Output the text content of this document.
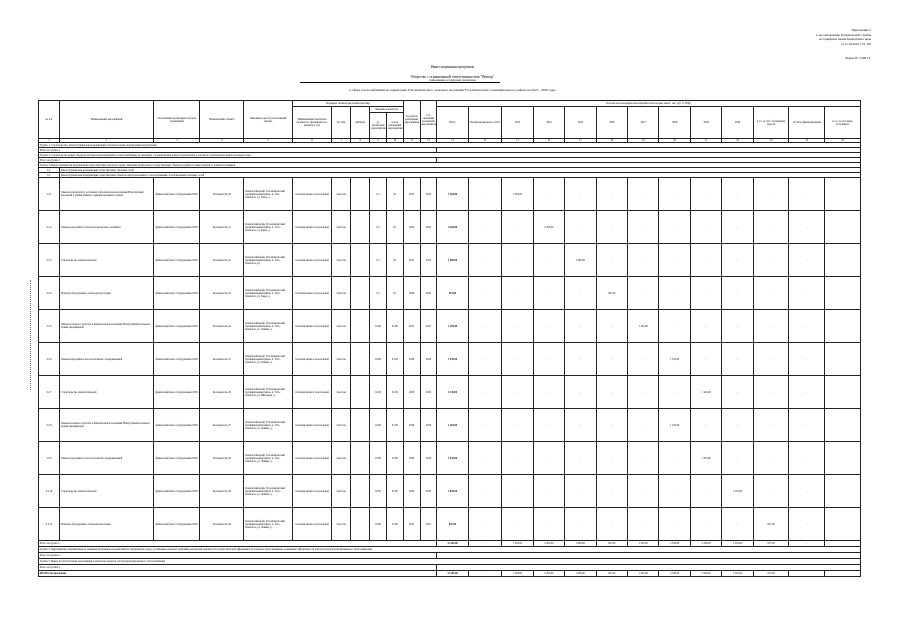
Приложение 2
к постановлению Региональной службы
по тарифам и ценам Камчатского края
от 21.10.2022 г. № 102
Форма № 3 ИП ТС
Инвестиционная программа
Общество с ограниченной ответственностью "Вектор"
наименование регулируемой организации
в сфере теплоснабжения на территории Усть-Камчатского сельского поселения Усть-Камчатского муниципального района на 2023 - 2030 годы
№ п/п	Наименование мероприятий	Обоснование необходимости (цель реализации)	Наименование объекта	Описание и место расположения объекта	Основные технические характеристики					Год начала реализации мероприятия	Год окончания реализации мероприятия	Расходы на реализацию мероприятий в прогнозных ценах, тыс. руб. (с НДС)												
					Наименование показателя (мощность, протяженность, диаметр и т.п.)	Ед. изм.	Диаметр	Значение показателя				Всего	Профинансировано к 2023	2023	2024	2025	2026	2027	2028	2029	2030	в т.ч. за счет собственных средств	Остаток финансирования	в т.ч. за счет иных источников
								до реализации мероприятия	после реализации мероприятия															
1	2	3	4	5	6	7	8	9	10	11	12	13	14	15	16	17	18	19	20	21	22	23	24	25
Группа 1. Строительство, реконструкция или модернизация объектов в целях подключения потребителей																								
Всего по группе 1																								
Группа 2. Строительство новых объектов системы централизованного теплоснабжения, не связанных с подключением новых потребителей, в том числе строительство новых тепловых сетей																								
Всего по группе 2																								
Группа 3. Реконструкция или модернизация существующих объектов в целях снижения уровня износа существующих объектов и (или) поставки энергии от разных источников																								
3.1.	Реконструкция или модернизация существующих тепловых сетей																							
3.2.	Реконструкция или модернизация существующих объектов централизованного теплоснабжения, за исключением тепловых сетей																							
3.2.1	Замена котлоагрегата, установка в фактическом исполнении Новотрубный котельной в здании главного административного пункта	физический износ оборудования 100%	Котельная № 20	Камчатский край, Усть-Камчатский муниципальный район, п. Усть-Камчатск, ул. Завод, д.	тепловая мощность котельной	Гкал/час		0,1	0,1	2023	2023	1 365,00	-	1 365,00	-	-	-	-	-	-	-	-	-	
3.2.2	Замена водогрейного котла котельной типа топливная	физический износ оборудования 100%	Котельная № 21	Камчатский край, Усть-Камчатский муниципальный район, п. Усть-Камчатск, ул. Завод, д.	тепловая мощность котельной	Гкал/час		0,1	0,1	2024	2024	2 205,00	-	-	2 205,00	-	-	-	-	-	-	-	-	
3.2.3	Строительство новой котельной	физический износ оборудования 100%	Котельная № 22	Камчатский край, Усть-Камчатский муниципальный район, п. Усть-Камчатск, ул.	тепловая мощность котельной	Гкал/час		0,1	0,1	2025	2025	1 985,00	-	-	-	1 985,00	-	-	-	-	-	-	-	
3.2.4	Монтаж оборудования сетей водоподготовки	физический износ оборудования 100%	Котельная № 23	Камчатский край, Усть-Камчатский муниципальный район, п. Усть-Камчатск, ул. Завод, д.	тепловая мощность котельной	Гкал/час		0,1	0,1	2026	2026	851,00	-	-	-	-	851,00	-	-	-	-	-	-	
3.2.5	Замена котельного агрегата в фактическом исполнении Новотрубный котельной здания передвижной	физический износ оборудования 100%	Котельная № 24	Камчатский край, Усть-Камчатский муниципальный район, п. Усть-Камчатск, ул. Ленина, д.	тепловая мощность котельной	Гкал/час		0,100	0,100	2027	2027	1 205,00	-	-	-	-	-	1 205,00	-	-	-	-	-	
3.2.6	Замена водогрейного котла котельной с модернизацией	физический износ оборудования 100%	Котельная № 25	Камчатский край, Усть-Камчатский муниципальный район, п. Усть-Камчатск, ул. Ленина, д.	тепловая мощность котельной	Гкал/час		0,100	0,100	2028	2028	1 355,00	-	-	-	-	-	-	1 355,00	-	-	-	-	
3.2.7	Строительство новой котельной	физический износ оборудования 100%	Котельная № 26	Камчатский край, Усть-Камчатский муниципальный район, п. Усть-Камчатск, ул. Школьная, д.	тепловая мощность котельной	Гкал/час		0,100	0,100	2029	2029	1 145,00	-	-	-	-	-	-	-	1 145,00	-	-	-	
3.2.8	Замена котельного агрегата в фактическом исполнении Новотрубный котельной здания передвижной	физический износ оборудования 100%	Котельная № 27	Камчатский край, Усть-Камчатский муниципальный район, п. Усть-Камчатск, ул. Ленина, д.	тепловая мощность котельной	Гкал/час		0,100	0,100	2028	2028	1 165,00	-	-	-	-	-	-	1 165,00	-	-	-	-	
3.2.9	Замена водогрейного котла котельной с модернизацией	физический износ оборудования 100%	Котельная № 28	Камчатский край, Усть-Камчатский муниципальный район, п. Усть-Камчатск, ул. Ленина, д.	тепловая мощность котельной	Гкал/час		0,100	0,100	2029	2029	1 355,00	-	-	-	-	-	-	-	1 355,00	-	-	-	
3.2.10	Строительство новой котельной	физический износ оборудования 100%	Котельная № 29	Камчатский край, Усть-Камчатский муниципальный район, п. Усть-Камчатск, ул. Ленина, д.	тепловая мощность котельной	Гкал/час		0,100	0,100	2030	2030	1 505,00	-	-	-	-	-	-	-	-	1 505,00	-	-	
3.2.11	Монтаж оборудования сетей водоподготовки	физический износ оборудования 100%	Котельная № 30	Камчатский край, Усть-Камчатский муниципальный район, п. Усть-Камчатск, ул. Ленина, д.	тепловая мощность котельной	Гкал/час		0,100	0,100	2031	2031	657,00	-	-	-	-	-	-	-	-	-	657,00	-	
Всего по группе 3												13 445,00	-	1 365,00	2 205,00	1 985,00	851,00	1 205,00	2 520,00	2 500,00	1 505,00	657,00	-	
Группа 4. Мероприятия, направленные на снижение негативного воздействия на окружающую среду, достижение плановых значений показателей надежности и энергетической эффективности объектов теплоснабжения, повышение эффективности работы систем централизованного теплоснабжения																								
Всего по группе 4																								
Группа 5. Вывод из эксплуатации, консервация и демонтаж объектов систем централизованного теплоснабжения																								
Всего по группе 5																								
ИТОГО по программе												13 445,00	-	1 365,00	2 205,00	1 985,00	851,00	1 205,00	2 520,00	2 500,00	1 505,00	657,00	-	
